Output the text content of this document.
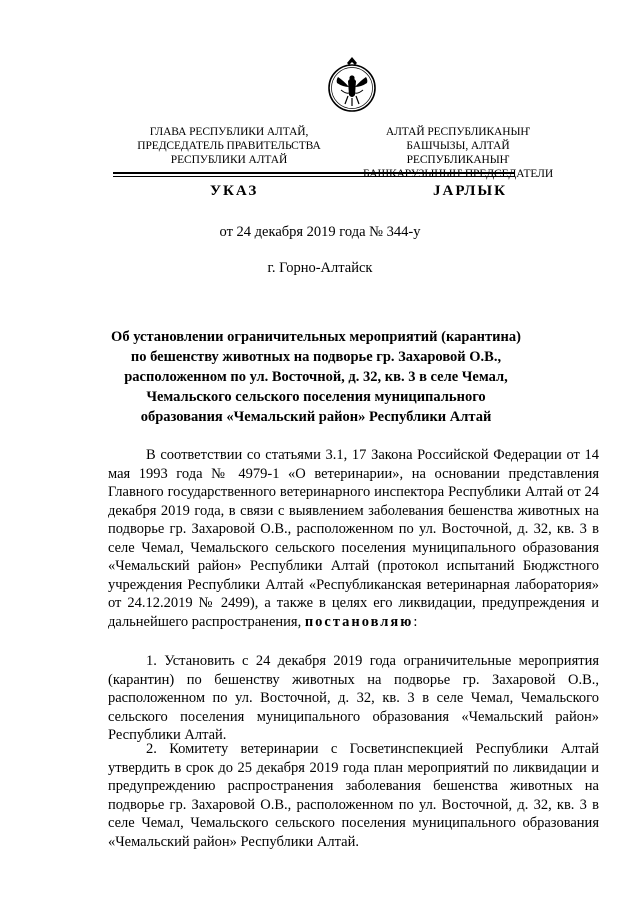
ГЛАВА РЕСПУБЛИКИ АЛТАЙ,
ПРЕДСЕДАТЕЛЬ ПРАВИТЕЛЬСТВА
РЕСПУБЛИКИ АЛТАЙ
АЛТАЙ РЕСПУБЛИКАНЫҤ
БАШЧЫЗЫ, АЛТАЙ РЕСПУБЛИКАНЫҤ
БАШКАРУЗЫНЫҤ ПРЕДСЕДАТЕЛИ
УКАЗ	ЈАРЛЫК
от 24 декабря 2019 года № 344-у
г. Горно-Алтайск
Об установлении ограничительных мероприятий (карантина) по бешенству животных на подворье гр. Захаровой О.В., расположенном по ул. Восточной, д. 32, кв. 3 в селе Чемал, Чемальского сельского поселения муниципального образования «Чемальский район» Республики Алтай
В соответствии со статьями 3.1, 17 Закона Российской Федерации от 14 мая 1993 года № 4979-1 «О ветеринарии», на основании представления Главного государственного ветеринарного инспектора Республики Алтай от 24 декабря 2019 года, в связи с выявлением заболевания бешенства животных на подворье гр. Захаровой О.В., расположенном по ул. Восточной, д. 32, кв. 3 в селе Чемал, Чемальского сельского поселения муниципального образования «Чемальский район» Республики Алтай (протокол испытаний Бюджстного учреждения Республики Алтай «Республиканская ветеринарная лаборатория» от 24.12.2019 № 2499), а также в целях его ликвидации, предупреждения и дальнейшего распространения, постановляю:
1. Установить с 24 декабря 2019 года ограничительные мероприятия (карантин) по бешенству животных на подворье гр. Захаровой О.В., расположенном по ул. Восточной, д. 32, кв. 3 в селе Чемал, Чемальского сельского поселения муниципального образования «Чемальский район» Республики Алтай.
2. Комитету ветеринарии с Госветинспекцией Республики Алтай утвердить в срок до 25 декабря 2019 года план мероприятий по ликвидации и предупреждению распространения заболевания бешенства животных на подворье гр. Захаровой О.В., расположенном по ул. Восточной, д. 32, кв. 3 в селе Чемал, Чемальского сельского поселения муниципального образования «Чемальский район» Республики Алтай.
